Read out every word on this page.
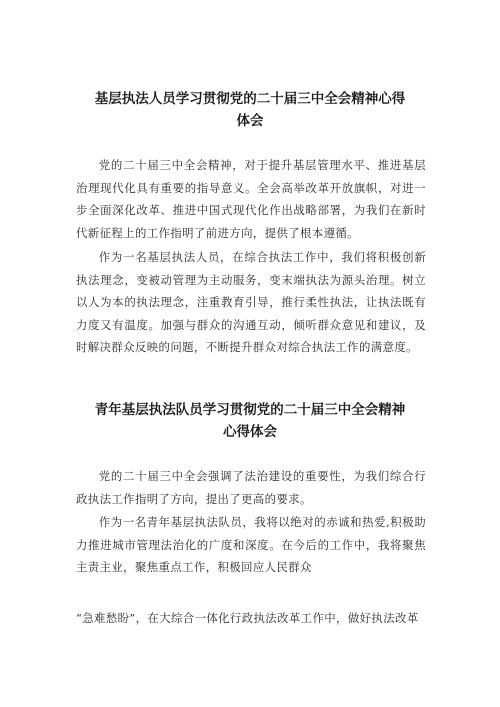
基层执法人员学习贯彻党的二十届三中全会精神心得
体会

党的二十届三中全会精神，对于提升基层管理水平、推进基层治理现代化具有重要的指导意义。全会高举改革开放旗帜，对进一步全面深化改革、推进中国式现代化作出战略部署，为我们在新时代新征程上的工作指明了前进方向，提供了根本遵循。

作为一名基层执法人员，在综合执法工作中，我们将积极创新执法理念，变被动管理为主动服务，变末端执法为源头治理。树立以人为本的执法理念，注重教育引导，推行柔性执法，让执法既有力度又有温度。加强与群众的沟通互动，倾听群众意见和建议，及时解决群众反映的问题，不断提升群众对综合执法工作的满意度。

青年基层执法队员学习贯彻党的二十届三中全会精神
心得体会

党的二十届三中全会强调了法治建设的重要性，为我们综合行政执法工作指明了方向，提出了更高的要求。

作为一名青年基层执法队员，我将以绝对的赤诚和热爱,积极助力推进城市管理法治化的广度和深度。在今后的工作中，我将聚焦主责主业，聚焦重点工作，积极回应人民群众

“急难愁盼”，在大综合一体化行政执法改革工作中，做好执法改革
